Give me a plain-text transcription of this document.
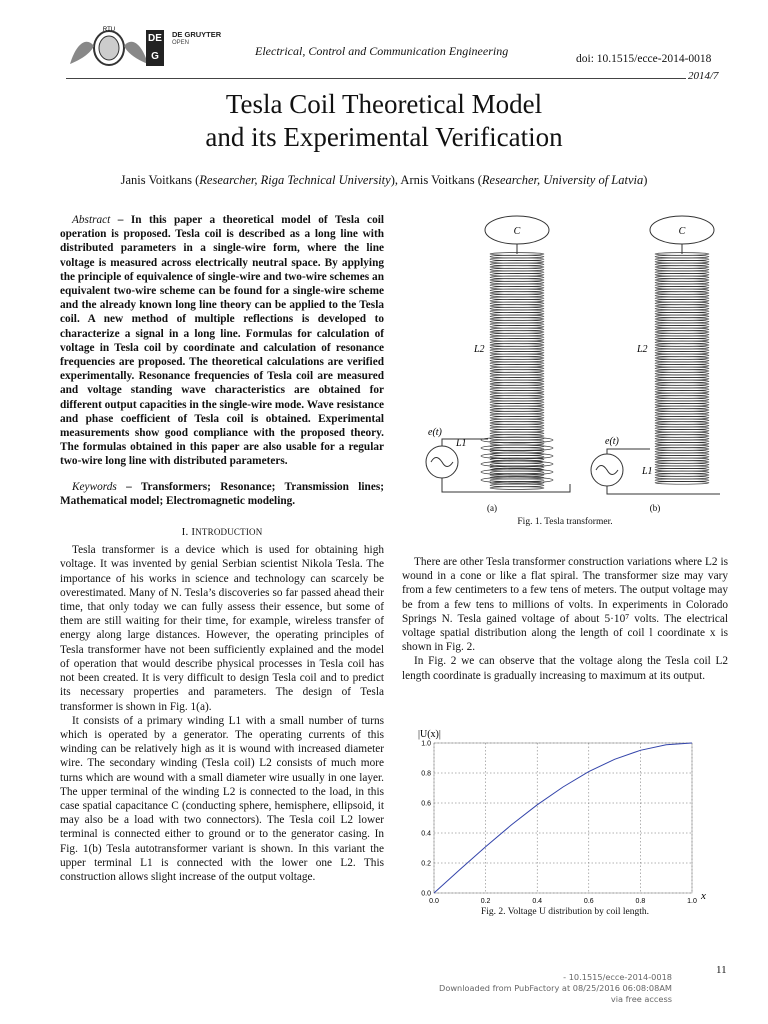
RTU
DE
G
DE GRUYTER
OPEN
Electrical, Control and Communication Engineering
doi: 10.1515/ecce-2014-0018
2014/7
Tesla Coil Theoretical Model
and its Experimental Verification
Janis Voitkans (Researcher, Riga Technical University), Arnis Voitkans (Researcher, University of Latvia)

Abstract – In this paper a theoretical model of Tesla coil operation is proposed. Tesla coil is described as a long line with distributed parameters in a single-wire form, where the line voltage is measured across electrically neutral space. By applying the principle of equivalence of single-wire and two-wire schemes an equivalent two-wire scheme can be found for a single-wire scheme and the already known long line theory can be applied to the Tesla coil. A new method of multiple reflections is developed to characterize a signal in a long line. Formulas for calculation of voltage in Tesla coil by coordinate and calculation of resonance frequencies are proposed. The theoretical calculations are verified experimentally. Resonance frequencies of Tesla coil are measured and voltage standing wave characteristics are obtained for different output capacities in the single-wire mode. Wave resistance and phase coefficient of Tesla coil is obtained. Experimental measurements show good compliance with the proposed theory. The formulas obtained in this paper are also usable for a regular two-wire long line with distributed parameters.

Keywords – Transformers; Resonance; Transmission lines; Mathematical model; Electromagnetic modeling.

I. INTRODUCTION

Tesla transformer is a device which is used for obtaining high voltage. It was invented by genial Serbian scientist Nikola Tesla. The importance of his works in science and technology can scarcely be overestimated. Many of N. Tesla’s discoveries so far passed ahead their time, that only today we can fully assess their essence, but some of them are still waiting for their time, for example, wireless transfer of energy along large distances. However, the operating principles of Tesla transformer have not been sufficiently explained and the model of operation that would describe physical processes in Tesla coil has not been created. It is very difficult to design Tesla coil and to predict its necessary properties and parameters. The design of Tesla transformer is shown in Fig. 1(a).

It consists of a primary winding L1 with a small number of turns which is operated by a generator. The operating currents of this winding can be relatively high as it is wound with increased diameter wire. The secondary winding (Tesla coil) L2 consists of much more turns which are wound with a small diameter wire usually in one layer. The upper terminal of the winding L2 is connected to the load, in this case spatial capacitance C (conducting sphere, hemisphere, ellipsoid, it may also be a load with two connectors). The Tesla coil L2 lower terminal is connected either to ground or to the generator casing. In Fig. 1(b) Tesla autotransformer variant is shown. In this variant the upper terminal L1 is connected with the lower one L2. This construction allows slight increase of the output voltage.

C	C
L2	L2
e(t)
L1	e(t)
L1
(a)	(b)
Fig. 1. Tesla transformer.

There are other Tesla transformer construction variations where L2 is wound in a cone or like a flat spiral. The transformer size may vary from a few centimeters to a few tens of meters. The output voltage may be from a few tens to millions of volts. In experiments in Colorado Springs N. Tesla gained voltage of about 5·10⁷ volts. The electrical voltage spatial distribution along the length of coil l coordinate x is shown in Fig. 2.

In Fig. 2 we can observe that the voltage along the Tesla coil L2 length coordinate is gradually increasing to maximum at its output.

|U(x)|
x
0.0	0.2	0.4	0.6	0.8	1.0
0.0
0.2
0.4
0.6
0.8
1.0
Fig. 2. Voltage U distribution by coil length.
11
- 10.1515/ecce-2014-0018
Downloaded from PubFactory at 08/25/2016 06:08:08AM
via free access
